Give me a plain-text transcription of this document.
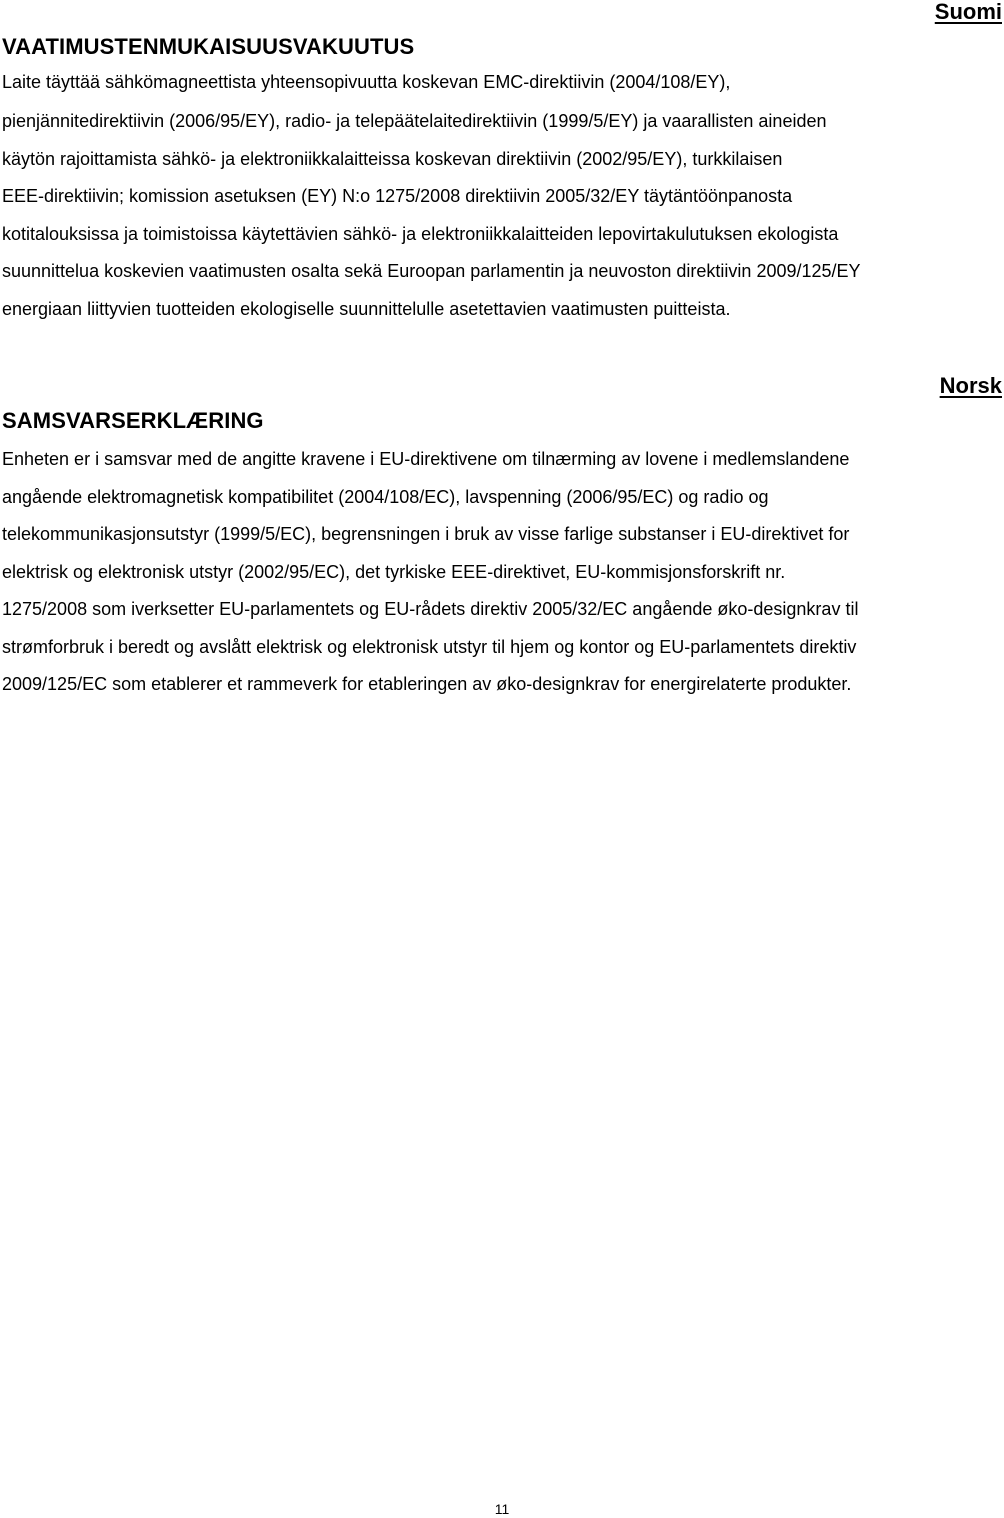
Suomi
VAATIMUSTENMUKAISUUSVAKUUTUS
Laite täyttää sähkömagneettista yhteensopivuutta koskevan EMC-direktiivin (2004/108/EY),
pienjännitedirektiivin (2006/95/EY), radio- ja telepäätelaitedirektiivin (1999/5/EY) ja vaarallisten aineiden
käytön rajoittamista sähkö- ja elektroniikkalaitteissa koskevan direktiivin (2002/95/EY), turkkilaisen
EEE-direktiivin; komission asetuksen (EY) N:o 1275/2008 direktiivin 2005/32/EY täytäntöönpanosta
kotitalouksissa ja toimistoissa käytettävien sähkö- ja elektroniikkalaitteiden lepovirtakulutuksen ekologista
suunnittelua koskevien vaatimusten osalta sekä Euroopan parlamentin ja neuvoston direktiivin 2009/125/EY
energiaan liittyvien tuotteiden ekologiselle suunnittelulle asetettavien vaatimusten puitteista.
Norsk
SAMSVARSERKLÆRING
Enheten er i samsvar med de angitte kravene i EU-direktivene om tilnærming av lovene i medlemslandene
angående elektromagnetisk kompatibilitet (2004/108/EC), lavspenning (2006/95/EC) og radio og
telekommunikasjonsutstyr (1999/5/EC), begrensningen i bruk av visse farlige substanser i EU-direktivet for
elektrisk og elektronisk utstyr (2002/95/EC), det tyrkiske EEE-direktivet, EU-kommisjonsforskrift nr.
1275/2008 som iverksetter EU-parlamentets og EU-rådets direktiv 2005/32/EC angående øko-designkrav til
strømforbruk i beredt og avslått elektrisk og elektronisk utstyr til hjem og kontor og EU-parlamentets direktiv
2009/125/EC som etablerer et rammeverk for etableringen av øko-designkrav for energirelaterte produkter.
11
